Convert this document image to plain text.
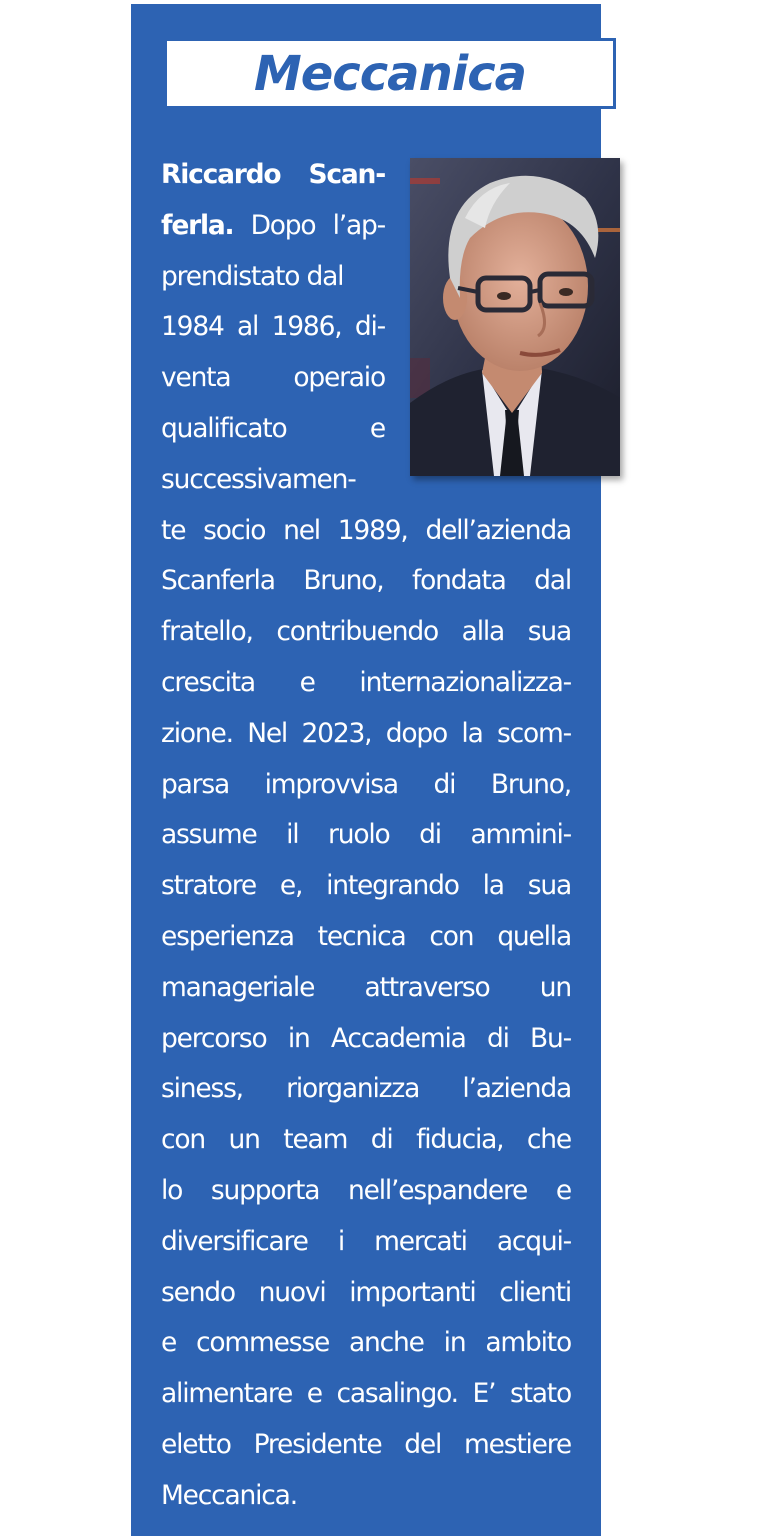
Meccanica
Riccardo Scan-
ferla. Dopo l’ap-
prendistato dal
1984 al 1986, di-
venta operaio
qualificato e
successivamen-
te socio nel 1989, dell’azienda
Scanferla Bruno, fondata dal
fratello, contribuendo alla sua
crescita e internazionalizza-
zione. Nel 2023, dopo la scom-
parsa improvvisa di Bruno,
assume il ruolo di ammini-
stratore e, integrando la sua
esperienza tecnica con quella
manageriale attraverso un
percorso in Accademia di Bu-
siness, riorganizza l’azienda
con un team di fiducia, che
lo supporta nell’espandere e
diversificare i mercati acqui-
sendo nuovi importanti clienti
e commesse anche in ambito
alimentare e casalingo. E’ stato
eletto Presidente del mestiere
Meccanica.
